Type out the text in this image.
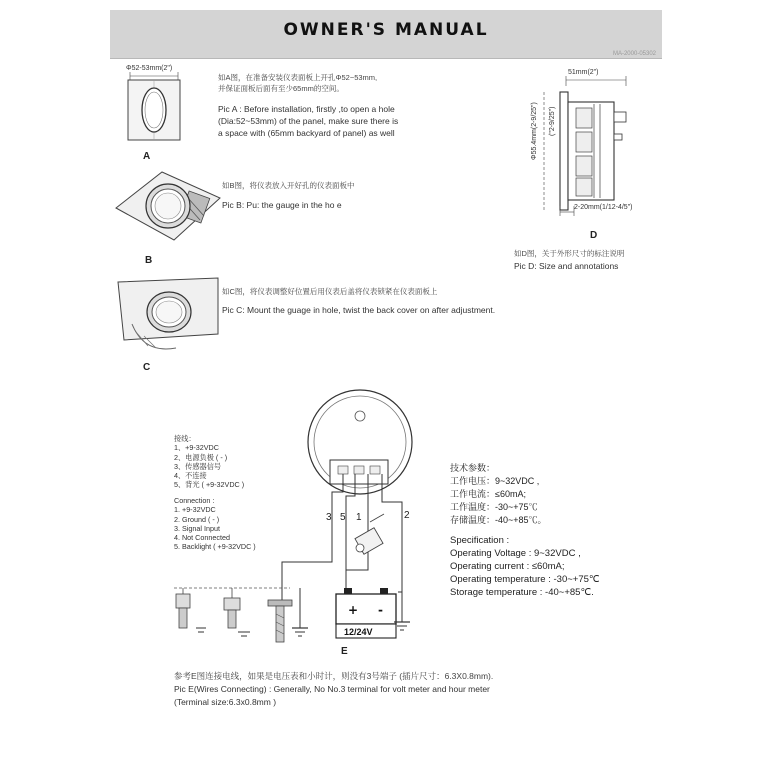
OWNER'S MANUAL
MA-2000-05302
Φ52-53mm(2")
A
如A图，在准备安装仪表面板上开孔Φ52~53mm,
并保证面板后面有至少65mm的空间。
Pic A : Before installation, firstly ,to open a hole
(Dia:52~53mm) of the panel, make sure there is
a space with (65mm backyard of panel) as well
B
如B图，将仪表放入开好孔的仪表面板中
Pic B: Pu: the gauge in the ho e
C
如C图，将仪表调整好位置后用仪表后盖将仪表锁紧在仪表面板上
Pic C: Mount the guage in hole, twist the back cover on after adjustment.
51mm(2")
Φ55.4mm(2-9/25")	("2-9/25")
2-20mm(1/12-4/5")
D
如D图，关于外形尺寸的标注说明
Pic D: Size and annotations
接线：
1、+9-32VDC
2、电源负极 ( - )
3、传感器信号
4、不连接
5、背光 ( +9-32VDC )
Connection :
1. +9-32VDC
2. Ground ( - )
3. Signal Input
4. Not Connected
5. Backlight ( +9-32VDC )
3 5 1	2
+ -
12/24V
E
技术参数：
工作电压：9~32VDC ,
工作电流：≤60mA;
工作温度：-30~+75℃
存储温度：-40~+85℃。
Specification :
Operating Voltage : 9~32VDC ,
Operating current : ≤60mA;
Operating temperature : -30~+75℃
Storage temperature : -40~+85℃.
参考E图连接电线，如果是电压表和小时计，则没有3号端子 (插片尺寸：6.3X0.8mm).
Pic E(Wires Connecting) : Generally, No No.3 terminal for volt meter and hour meter
(Terminal size:6.3x0.8mm )
